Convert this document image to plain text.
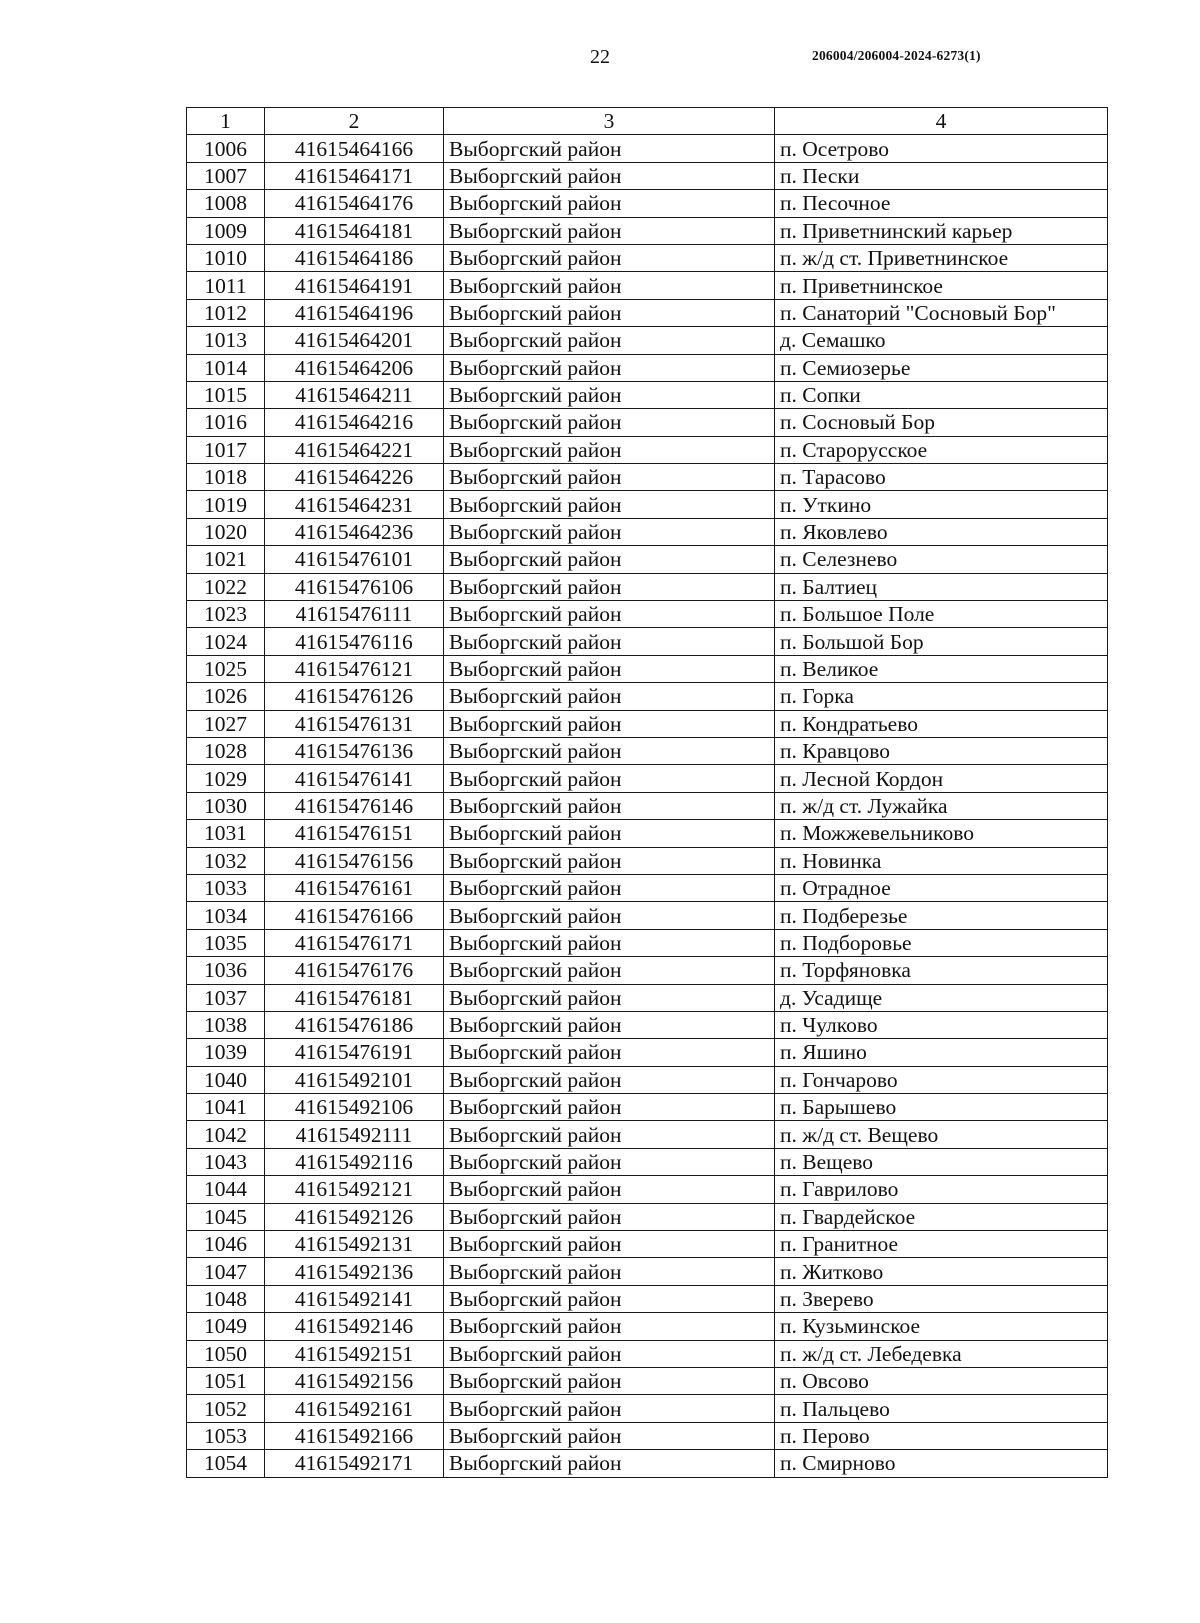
22	206004/206004-2024-6273(1)
1	2	3	4
1006	41615464166	Выборгский район	п. Осетрово
1007	41615464171	Выборгский район	п. Пески
1008	41615464176	Выборгский район	п. Песочное
1009	41615464181	Выборгский район	п. Приветнинский карьер
1010	41615464186	Выборгский район	п. ж/д ст. Приветнинское
1011	41615464191	Выборгский район	п. Приветнинское
1012	41615464196	Выборгский район	п. Санаторий "Сосновый Бор"
1013	41615464201	Выборгский район	д. Семашко
1014	41615464206	Выборгский район	п. Семиозерье
1015	41615464211	Выборгский район	п. Сопки
1016	41615464216	Выборгский район	п. Сосновый Бор
1017	41615464221	Выборгский район	п. Старорусское
1018	41615464226	Выборгский район	п. Тарасово
1019	41615464231	Выборгский район	п. Уткино
1020	41615464236	Выборгский район	п. Яковлево
1021	41615476101	Выборгский район	п. Селезнево
1022	41615476106	Выборгский район	п. Балтиец
1023	41615476111	Выборгский район	п. Большое Поле
1024	41615476116	Выборгский район	п. Большой Бор
1025	41615476121	Выборгский район	п. Великое
1026	41615476126	Выборгский район	п. Горка
1027	41615476131	Выборгский район	п. Кондратьево
1028	41615476136	Выборгский район	п. Кравцово
1029	41615476141	Выборгский район	п. Лесной Кордон
1030	41615476146	Выборгский район	п. ж/д ст. Лужайка
1031	41615476151	Выборгский район	п. Можжевельниково
1032	41615476156	Выборгский район	п. Новинка
1033	41615476161	Выборгский район	п. Отрадное
1034	41615476166	Выборгский район	п. Подберезье
1035	41615476171	Выборгский район	п. Подборовье
1036	41615476176	Выборгский район	п. Торфяновка
1037	41615476181	Выборгский район	д. Усадище
1038	41615476186	Выборгский район	п. Чулково
1039	41615476191	Выборгский район	п. Яшино
1040	41615492101	Выборгский район	п. Гончарово
1041	41615492106	Выборгский район	п. Барышево
1042	41615492111	Выборгский район	п. ж/д ст. Вещево
1043	41615492116	Выборгский район	п. Вещево
1044	41615492121	Выборгский район	п. Гаврилово
1045	41615492126	Выборгский район	п. Гвардейское
1046	41615492131	Выборгский район	п. Гранитное
1047	41615492136	Выборгский район	п. Житково
1048	41615492141	Выборгский район	п. Зверево
1049	41615492146	Выборгский район	п. Кузьминское
1050	41615492151	Выборгский район	п. ж/д ст. Лебедевка
1051	41615492156	Выборгский район	п. Овсово
1052	41615492161	Выборгский район	п. Пальцево
1053	41615492166	Выборгский район	п. Перово
1054	41615492171	Выборгский район	п. Смирново
